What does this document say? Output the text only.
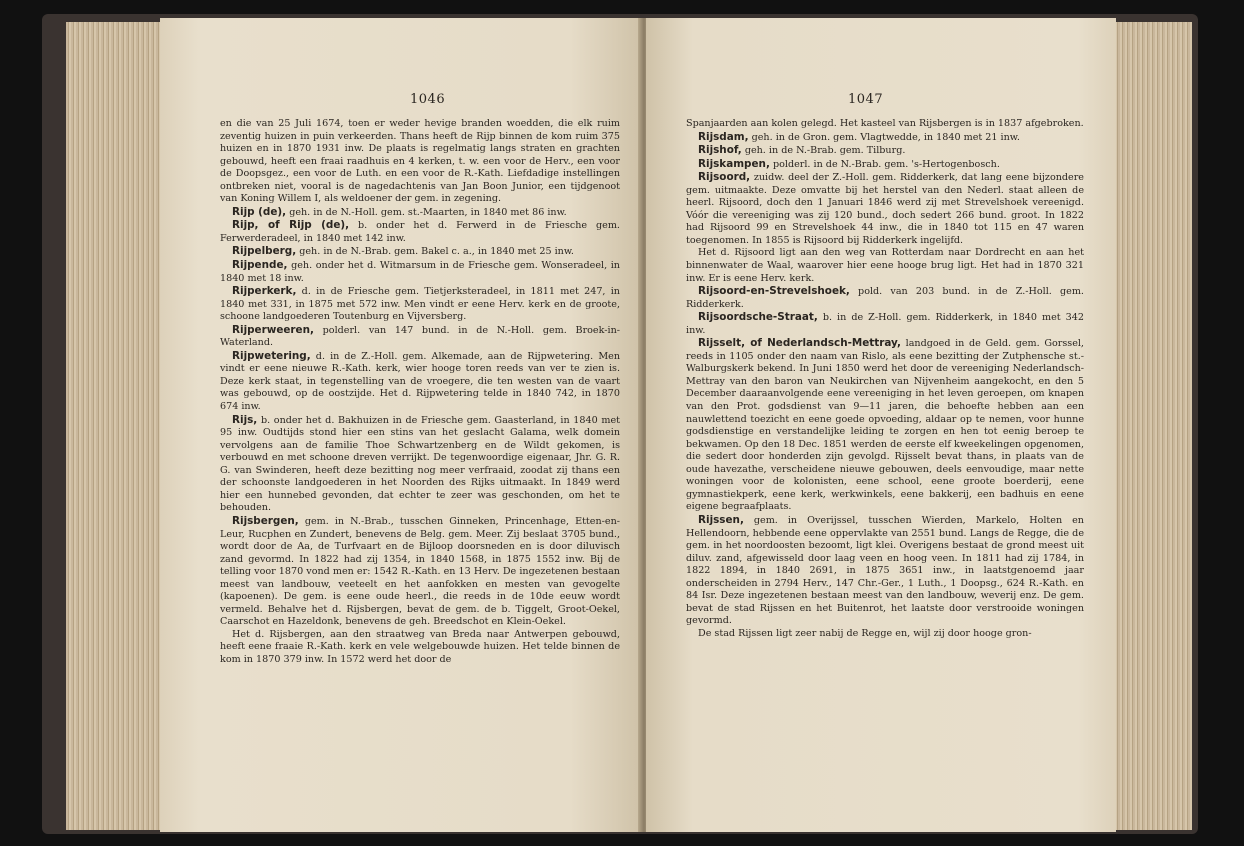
1046

en die van 25 Juli 1674, toen er weder hevige branden woedden, die elk ruim zeventig huizen in puin verkeerden. Thans heeft de Rijp binnen de kom ruim 375 huizen en in 1870 1931 inw. De plaats is regelmatig langs straten en grachten gebouwd, heeft een fraai raadhuis en 4 kerken, t. w. een voor de Herv., een voor de Doopsgez., een voor de Luth. en een voor de R.-Kath. Liefdadige instellingen ontbreken niet, vooral is de nagedachtenis van Jan Boon Junior, een tijdgenoot van Koning Willem I, als weldoener der gem. in zegening.

Rijp (de), geh. in de N.-Holl. gem. st.-Maarten, in 1840 met 86 inw.

Rijp, of Rijp (de), b. onder het d. Ferwerd in de Friesche gem. Ferwerderadeel, in 1840 met 142 inw.

Rijpelberg, geh. in de N.-Brab. gem. Bakel c. a., in 1840 met 25 inw.

Rijpende, geh. onder het d. Witmarsum in de Friesche gem. Wonseradeel, in 1840 met 18 inw.

Rijperkerk, d. in de Friesche gem. Tietjerksteradeel, in 1811 met 247, in 1840 met 331, in 1875 met 572 inw. Men vindt er eene Herv. kerk en de groote, schoone landgoederen Toutenburg en Vijversberg.

Rijperweeren, polderl. van 147 bund. in de N.-Holl. gem. Broek-in-Waterland.

Rijpwetering, d. in de Z.-Holl. gem. Alkemade, aan de Rijpwetering. Men vindt er eene nieuwe R.-Kath. kerk, wier hooge toren reeds van ver te zien is. Deze kerk staat, in tegenstelling van de vroegere, die ten westen van de vaart was gebouwd, op de oostzijde. Het d. Rijpwetering telde in 1840 742, in 1870 674 inw.

Rijs, b. onder het d. Bakhuizen in de Friesche gem. Gaasterland, in 1840 met 95 inw. Oudtijds stond hier een stins van het geslacht Galama, welk domein vervolgens aan de familie Thoe Schwartzenberg en de Wildt gekomen, is verbouwd en met schoone dreven verrijkt. De tegenwoordige eigenaar, Jhr. G. R. G. van Swinderen, heeft deze bezitting nog meer verfraaid, zoodat zij thans een der schoonste landgoederen in het Noorden des Rijks uitmaakt. In 1849 werd hier een hunnebed gevonden, dat echter te zeer was geschonden, om het te behouden.

Rijsbergen, gem. in N.-Brab., tusschen Ginneken, Princenhage, Etten-en-Leur, Rucphen en Zundert, benevens de Belg. gem. Meer. Zij beslaat 3705 bund., wordt door de Aa, de Turfvaart en de Bijloop doorsneden en is door diluvisch zand gevormd. In 1822 had zij 1354, in 1840 1568, in 1875 1552 inw. Bij de telling voor 1870 vond men er: 1542 R.-Kath. en 13 Herv. De ingezetenen bestaan meest van landbouw, veeteelt en het aanfokken en mesten van gevogelte (kapoenen). De gem. is eene oude heerl., die reeds in de 10de eeuw wordt vermeld. Behalve het d. Rijsbergen, bevat de gem. de b. Tiggelt, Groot-Oekel, Caarschot en Hazeldonk, benevens de geh. Breedschot en Klein-Oekel.

Het d. Rijsbergen, aan den straatweg van Breda naar Antwerpen gebouwd, heeft eene fraaie R.-Kath. kerk en vele welgebouwde huizen. Het telde binnen de kom in 1870 379 inw. In 1572 werd het door de

1047

Spanjaarden aan kolen gelegd. Het kasteel van Rijsbergen is in 1837 afgebroken.

Rijsdam, geh. in de Gron. gem. Vlagtwedde, in 1840 met 21 inw.

Rijshof, geh. in de N.-Brab. gem. Tilburg.

Rijskampen, polderl. in de N.-Brab. gem. 's-Hertogenbosch.

Rijsoord, zuidw. deel der Z.-Holl. gem. Ridderkerk, dat lang eene bijzondere gem. uitmaakte. Deze omvatte bij het herstel van den Nederl. staat alleen de heerl. Rijsoord, doch den 1 Januari 1846 werd zij met Strevelshoek vereenigd. Vóór die vereeniging was zij 120 bund., doch sedert 266 bund. groot. In 1822 had Rijsoord 99 en Strevelshoek 44 inw., die in 1840 tot 115 en 47 waren toegenomen. In 1855 is Rijsoord bij Ridderkerk ingelijfd.

Het d. Rijsoord ligt aan den weg van Rotterdam naar Dordrecht en aan het binnenwater de Waal, waarover hier eene hooge brug ligt. Het had in 1870 321 inw. Er is eene Herv. kerk.

Rijsoord-en-Strevelshoek, pold. van 203 bund. in de Z.-Holl. gem. Ridderkerk.

Rijsoordsche-Straat, b. in de Z-Holl. gem. Ridderkerk, in 1840 met 342 inw.

Rijsselt, of Nederlandsch-Mettray, landgoed in de Geld. gem. Gorssel, reeds in 1105 onder den naam van Rislo, als eene bezitting der Zutphensche st.-Walburgskerk bekend. In Juni 1850 werd het door de vereeniging Nederlandsch-Mettray van den baron van Neukirchen van Nijvenheim aangekocht, en den 5 December daaraanvolgende eene vereeniging in het leven geroepen, om knapen van den Prot. godsdienst van 9—11 jaren, die behoefte hebben aan een nauwlettend toezicht en eene goede opvoeding, aldaar op te nemen, voor hunne godsdienstige en verstandelijke leiding te zorgen en hen tot eenig beroep te bekwamen. Op den 18 Dec. 1851 werden de eerste elf kweekelingen opgenomen, die sedert door honderden zijn gevolgd. Rijsselt bevat thans, in plaats van de oude havezathe, verscheidene nieuwe gebouwen, deels eenvoudige, maar nette woningen voor de kolonisten, eene school, eene groote boerderij, eene gymnastiekperk, eene kerk, werkwinkels, eene bakkerij, een badhuis en eene eigene begraafplaats.

Rijssen, gem. in Overijssel, tusschen Wierden, Markelo, Holten en Hellendoorn, hebbende eene oppervlakte van 2551 bund. Langs de Regge, die de gem. in het noordoosten bezoomt, ligt klei. Overigens bestaat de grond meest uit diluv. zand, afgewisseld door laag veen en hoog veen. In 1811 had zij 1784, in 1822 1894, in 1840 2691, in 1875 3651 inw., in laatstgenoemd jaar onderscheiden in 2794 Herv., 147 Chr.-Ger., 1 Luth., 1 Doopsg., 624 R.-Kath. en 84 Isr. Deze ingezetenen bestaan meest van den landbouw, weverij enz. De gem. bevat de stad Rijssen en het Buitenrot, het laatste door verstrooide woningen gevormd.

De stad Rijssen ligt zeer nabij de Regge en, wijl zij door hooge gron-
